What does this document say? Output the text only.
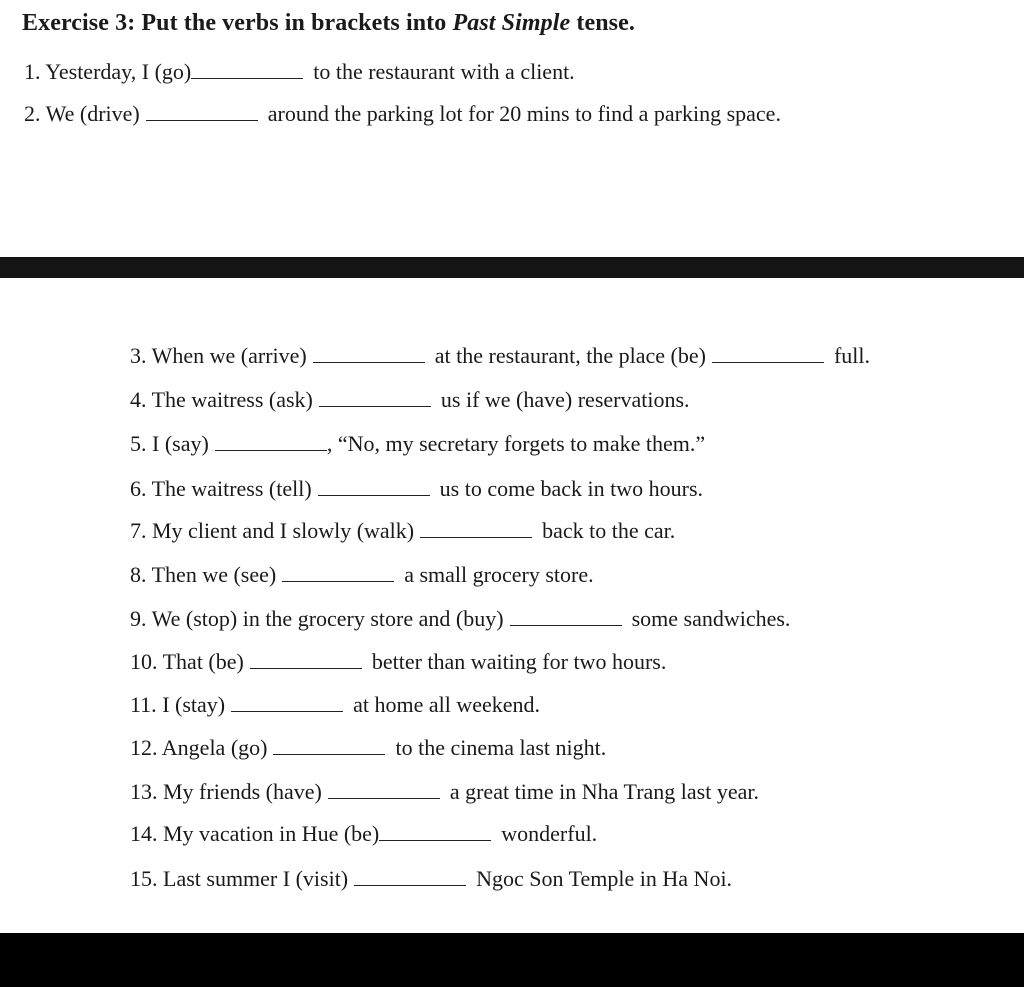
Exercise 3: Put the verbs in brackets into Past Simple tense.
1. Yesterday, I (go)	to the restaurant with a client.
2. We (drive)	around the parking lot for 20 mins to find a parking space.
3. When we (arrive)	at the restaurant, the place (be)	full.
4. The waitress (ask)	us if we (have) reservations.
5. I (say)	, “No, my secretary forgets to make them.”
6. The waitress (tell)	us to come back in two hours.
7. My client and I slowly (walk)	back to the car.
8. Then we (see)	a small grocery store.
9. We (stop) in the grocery store and (buy)	some sandwiches.
10. That (be)	better than waiting for two hours.
11. I (stay)	at home all weekend.
12. Angela (go)	to the cinema last night.
13. My friends (have)	a great time in Nha Trang last year.
14. My vacation in Hue (be)	wonderful.
15. Last summer I (visit)	Ngoc Son Temple in Ha Noi.
